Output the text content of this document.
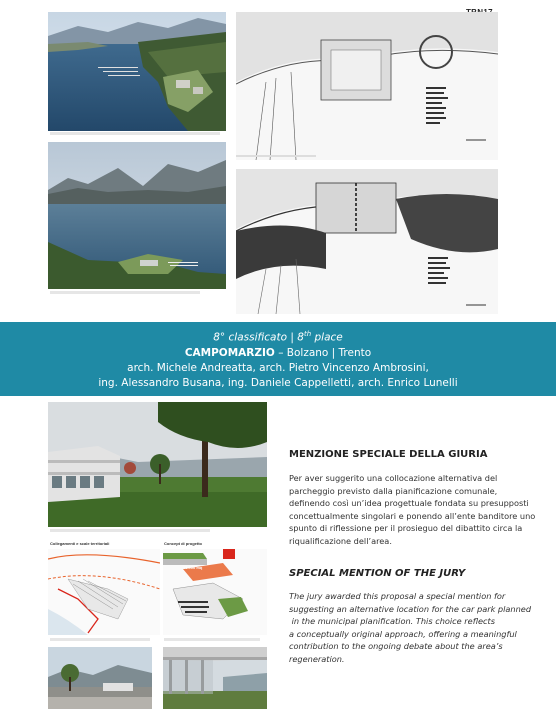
8° classificato | 8th place
CAMPOMARZIO – Bolzano | Trento
arch. Michele Andreatta, arch. Pietro Vincenzo Ambrosini,
ing. Alessandro Busana, ing. Daniele Cappelletti, arch. Enrico Lunelli
Collegamenti e scale territoriali	Concept di progetto
15.000 mq
MENZIONE SPECIALE DELLA GIURIA
Per aver suggerito una collocazione alternativa del
parcheggio previsto dalla pianificazione comunale,
definendo così un’idea progettuale fondata su presupposti
concettualmente singolari e ponendo all’ente banditore uno
spunto di riflessione per il prosieguo del dibattito circa la
riqualificazione dell’area.
SPECIAL MENTION OF THE JURY
The jury awarded this proposal a special mention for
suggesting an alternative location for the car park planned
in the municipal planification. This choice reflects
a conceptually original approach, offering a meaningful
contribution to the ongoing debate about the area’s
regeneration.
